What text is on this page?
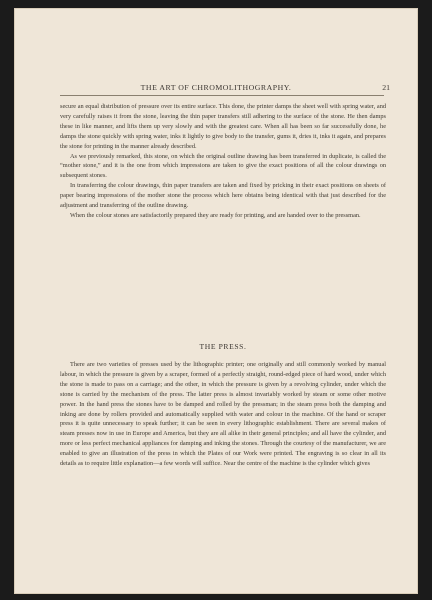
THE ART OF CHROMOLITHOGRAPHY.	21

secure an equal distribution of pressure over its entire surface. This done, the printer damps the sheet well with spring water, and very carefully raises it from the stone, leaving the thin paper transfers still adhering to the surface of the stone. He then damps these in like manner, and lifts them up very slowly and with the greatest care. When all has been so far successfully done, he damps the stone quickly with spring water, inks it lightly to give body to the transfer, gums it, dries it, inks it again, and prepares the stone for printing in the manner already described.

As we previously remarked, this stone, on which the original outline drawing has been transferred in duplicate, is called the “mother stone,” and it is the one from which impressions are taken to give the exact positions of all the colour drawings on subsequent stones.

In transferring the colour drawings, thin paper transfers are taken and fixed by pricking in their exact positions on sheets of paper bearing impressions of the mother stone the process which here obtains being identical with that just described for the adjustment and transferring of the outline drawing.

When the colour stones are satisfactorily prepared they are ready for printing, and are handed over to the pressman.

THE PRESS.

There are two varieties of presses used by the lithographic printer; one originally and still commonly worked by manual labour, in which the pressure is given by a scraper, formed of a perfectly straight, round-edged piece of hard wood, under which the stone is made to pass on a carriage; and the other, in which the pressure is given by a revolving cylinder, under which the stone is carried by the mechanism of the press. The latter press is almost invariably worked by steam or some other motive power. In the hand press the stones have to be damped and rolled by the pressman; in the steam press both the damping and inking are done by rollers provided and automatically supplied with water and colour in the machine. Of the hand or scraper press it is quite unnecessary to speak further; it can be seen in every lithographic establishment. There are several makes of steam presses now in use in Europe and America, but they are all alike in their general principles; and all have the cylinder, and more or less perfect mechanical appliances for damping and inking the stones. Through the courtesy of the manufacturer, we are enabled to give an illustration of the press in which the Plates of our Work were printed. The engraving is so clear in all its details as to require little explanation—a few words will suffice. Near the centre of the machine is the cylinder which gives
